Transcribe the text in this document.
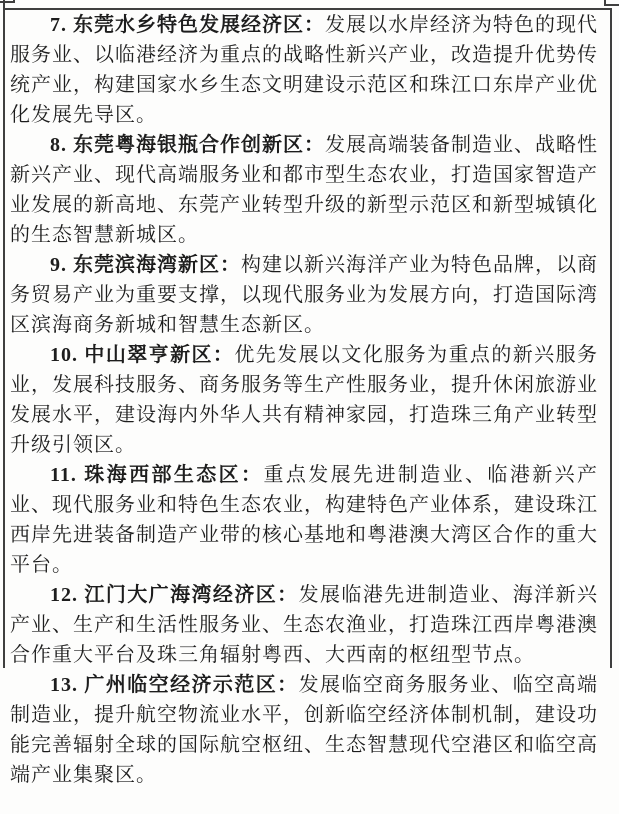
7. 东莞水乡特色发展经济区：发展以水岸经济为特色的现代服务业、以临港经济为重点的战略性新兴产业，改造提升优势传统产业，构建国家水乡生态文明建设示范区和珠江口东岸产业优化发展先导区。

8. 东莞粤海银瓶合作创新区：发展高端装备制造业、战略性新兴产业、现代高端服务业和都市型生态农业，打造国家智造产业发展的新高地、东莞产业转型升级的新型示范区和新型城镇化的生态智慧新城区。

9. 东莞滨海湾新区：构建以新兴海洋产业为特色品牌，以商务贸易产业为重要支撑，以现代服务业为发展方向，打造国际湾区滨海商务新城和智慧生态新区。

10. 中山翠亨新区：优先发展以文化服务为重点的新兴服务业，发展科技服务、商务服务等生产性服务业，提升休闲旅游业发展水平，建设海内外华人共有精神家园，打造珠三角产业转型升级引领区。

11. 珠海西部生态区：重点发展先进制造业、临港新兴产业、现代服务业和特色生态农业，构建特色产业体系，建设珠江西岸先进装备制造产业带的核心基地和粤港澳大湾区合作的重大平台。

12. 江门大广海湾经济区：发展临港先进制造业、海洋新兴产业、生产和生活性服务业、生态农渔业，打造珠江西岸粤港澳合作重大平台及珠三角辐射粤西、大西南的枢纽型节点。

13. 广州临空经济示范区：发展临空商务服务业、临空高端制造业，提升航空物流业水平，创新临空经济体制机制，建设功能完善辐射全球的国际航空枢纽、生态智慧现代空港区和临空高端产业集聚区。
